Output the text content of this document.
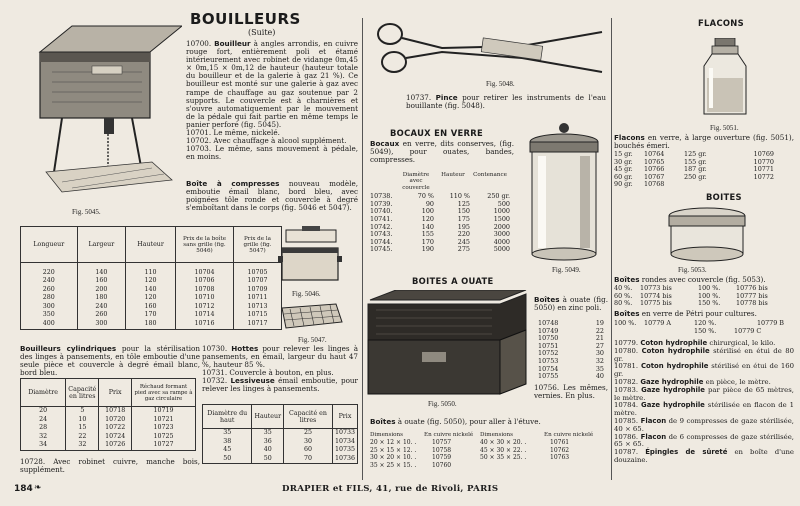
Fig. 5045.
BOUILLEURS
(Suite)
10700. Bouilleur à angles arrondis, en cuivre rouge fort, entièrement poli et étamé intérieurement avec robinet de vidange 0m,45 × 0m,15 × 0m,12 de hauteur (hauteur totale du bouilleur et de la galerie à gaz 21 %). Ce bouilleur est monté sur une galerie à gaz avec rampe de chauffage au gaz soutenue par 2 supports. Le couvercle est à charnières et s'ouvre automatiquement par le mouvement de la pédale qui fait partie en même temps le panier perforé (fig. 5045).
10701. Le même, nickelé.
10702. Avec chauffage à alcool supplément.
10703. Le même, sans mouvement à pédale, en moins.
Boîte à compresses nouveau modèle, emboutie émail blanc, bord bleu, avec poignées tôle ronde et couvercle à degré s'emboîtant dans le corps (fig. 5046 et 5047).
Longueur	Largeur	Hauteur	Prix de la boîte sans grille (fig. 5046)	Prix de la grille (fig. 5047)

220	140	110	10704	10705
240	160	120	10706	10707
260	200	140	10708	10709
280	180	120	10710	10711
300	240	160	10712	10713
350	260	170	10714	10715
400	300	180	10716	10717
Fig. 5046.
Fig. 5047.
Bouilleurs cylindriques pour la stérilisation des linges à pansements, en tôle emboutie d'une seule pièce et couvercle à degré émail blanc, bord bleu.
Diamètre	Capacité en litres	Prix	Réchaud formant pied avec sa rampe à gaz circulaire
20	5	10718	10719
24	10	10720	10721
28	15	10722	10723
32	22	10724	10725
34	32	10726	10727
10728. Avec robinet cuivre, manche bois, supplément.
10730. Hottes pour relever les linges à pansements, en émail, largeur du haut 47 %, hauteur 85 %.
10731. Couvercle à bouton, en plus.
10732. Lessiveuse émail emboutie, pour relever les linges à pansements.
Diamètre du haut	Hauteur	Capacité en litres	Prix
35	35	25	10733
38	36	30	10734
45	40	60	10735
50	50	70	10736
Fig. 5048.
10737. Pince pour retirer les instruments de l'eau bouillante (fig. 5048).
BOCAUX EN VERRE
Bocaux en verre, dits conserves, (fig. 5049), pour ouates, bandes, compresses.
Diamètre avec couvercle
Hauteur	Contenance
10738.	70 %	110 %	250 gr.
10739.	90	125	500
10740.	100	150	1000
10741.	120	175	1500
10742.	140	195	2000
10743.	155	220	3000
10744.	170	245	4000
10745.	190	275	5000
Fig. 5049.
BOITES A OUATE
Fig. 5050.
Boîtes à ouate (fig. 5050) en zinc poli.
10748	19
10749	22
10750	21
10751	27
10752	30
10753	32
10754	35
10755	40
10756. Les mêmes, vernies. En plus.
Boîtes à ouate (fig. 5050), pour aller à l'étuve.
Dimensions	En cuivre nickelé	Dimensions	En cuivre nickelé
20 × 12 × 10. .	10757	40 × 30 × 20. .	10761
25 × 15 × 12. .	10758	45 × 30 × 22. .	10762
30 × 20 × 10. .	10759	50 × 35 × 25. .	10763
35 × 25 × 15. .	10760
FLACONS
Fig. 5051.
Flacons en verre, à large ouverture (fig. 5051), bouchés émeri.
15 gr.	10764	125 gr.	10769
30 gr.	10765	155 gr.	10770
45 gr.	10766	187 gr.	10771
60 gr.	10767	250 gr.	10772
90 gr.	10768
BOITES
Fig. 5053.
Boîtes rondes avec couvercle (fig. 5053).
40 %.	10773 bis	100 %.	10776 bis
60 %.	10774 bis	100 %.	10777 bis
80 %.	10775 bis	150 %.	10778 bis
Boîtes en verre de Pétri pour cultures.
100 %.	10779 A	120 %.	10779 B
150 %.	10779 C
10779. Coton hydrophile chirurgical, le kilo.
10780. Coton hydrophile stérilisé en étui de 80 gr.
10781. Coton hydrophile stérilisé en étui de 160 gr.
10782. Gaze hydrophile en pièce, le mètre.
10783. Gaze hydrophile par pièce de 65 mètres, le mètre.
10784. Gaze hydrophile stérilisée en flacon de 1 mètre.
10785. Flacon de 9 compresses de gaze stérilisée, 40 × 65.
10786. Flacon de 6 compresses de gaze stérilisée, 65 × 65.
10787. Épingles de sûreté en boîte d'une douzaine.
184 ❧	DRAPIER et FILS, 41, rue de Rivoli, PARIS
